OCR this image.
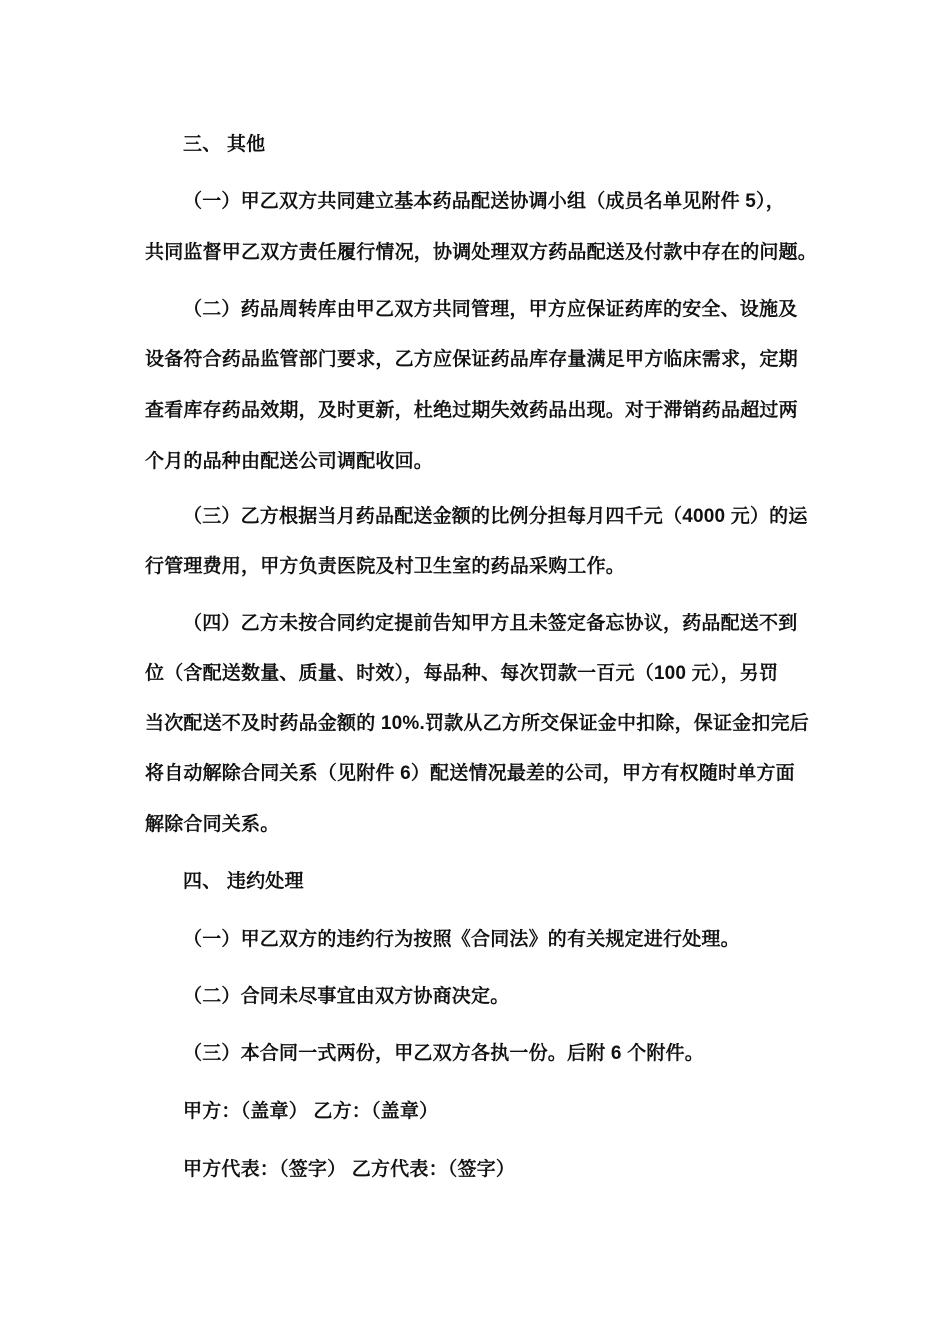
三、 其他
（一）甲乙双方共同建立基本药品配送协调小组（成员名单见附件 5），
共同监督甲乙双方责任履行情况，协调处理双方药品配送及付款中存在的问题。
（二）药品周转库由甲乙双方共同管理，甲方应保证药库的安全、设施及
设备符合药品监管部门要求，乙方应保证药品库存量满足甲方临床需求，定期
查看库存药品效期，及时更新，杜绝过期失效药品出现。对于滞销药品超过两
个月的品种由配送公司调配收回。
（三）乙方根据当月药品配送金额的比例分担每月四千元（4000 元）的运
行管理费用，甲方负责医院及村卫生室的药品采购工作。
（四）乙方未按合同约定提前告知甲方且未签定备忘协议，药品配送不到
位（含配送数量、质量、时效），每品种、每次罚款一百元（100 元），另罚
当次配送不及时药品金额的 10%.罚款从乙方所交保证金中扣除，保证金扣完后
将自动解除合同关系（见附件 6）配送情况最差的公司，甲方有权随时单方面
解除合同关系。
四、 违约处理
（一）甲乙双方的违约行为按照《合同法》的有关规定进行处理。
（二）合同未尽事宜由双方协商决定。
（三）本合同一式两份，甲乙双方各执一份。后附 6 个附件。
甲方：（盖章） 乙方：（盖章）
甲方代表：（签字） 乙方代表：（签字）
